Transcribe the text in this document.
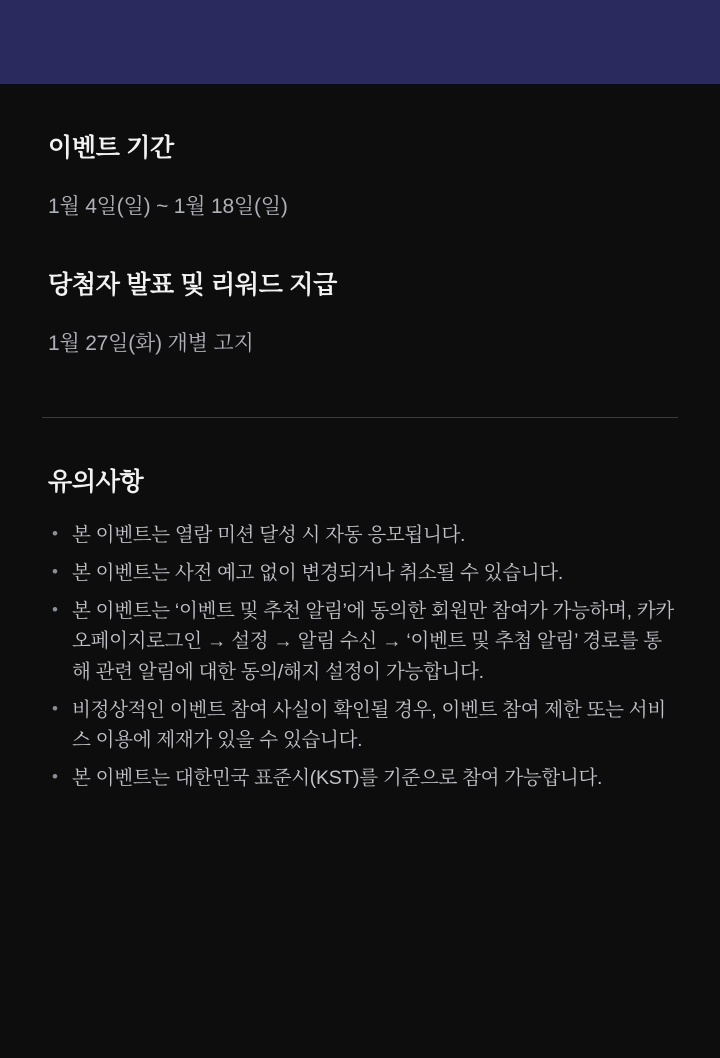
이벤트 기간

1월 4일(일) ~ 1월 18일(일)

당첨자 발표 및 리워드 지급

1월 27일(화) 개별 고지

유의사항
• 본 이벤트는 열람 미션 달성 시 자동 응모됩니다.
• 본 이벤트는 사전 예고 없이 변경되거나 취소될 수 있습니다.
• 본 이벤트는 ‘이벤트 및 추천 알림’에 동의한 회원만 참여가 가능하며, 카카오페이지로그인 → 설정 → 알림 수신 → ‘이벤트 및 추첨 알림’ 경로를 통해 관련 알림에 대한 동의/해지 설정이 가능합니다.
• 비정상적인 이벤트 참여 사실이 확인될 경우, 이벤트 참여 제한 또는 서비스 이용에 제재가 있을 수 있습니다.
• 본 이벤트는 대한민국 표준시(KST)를 기준으로 참여 가능합니다.
